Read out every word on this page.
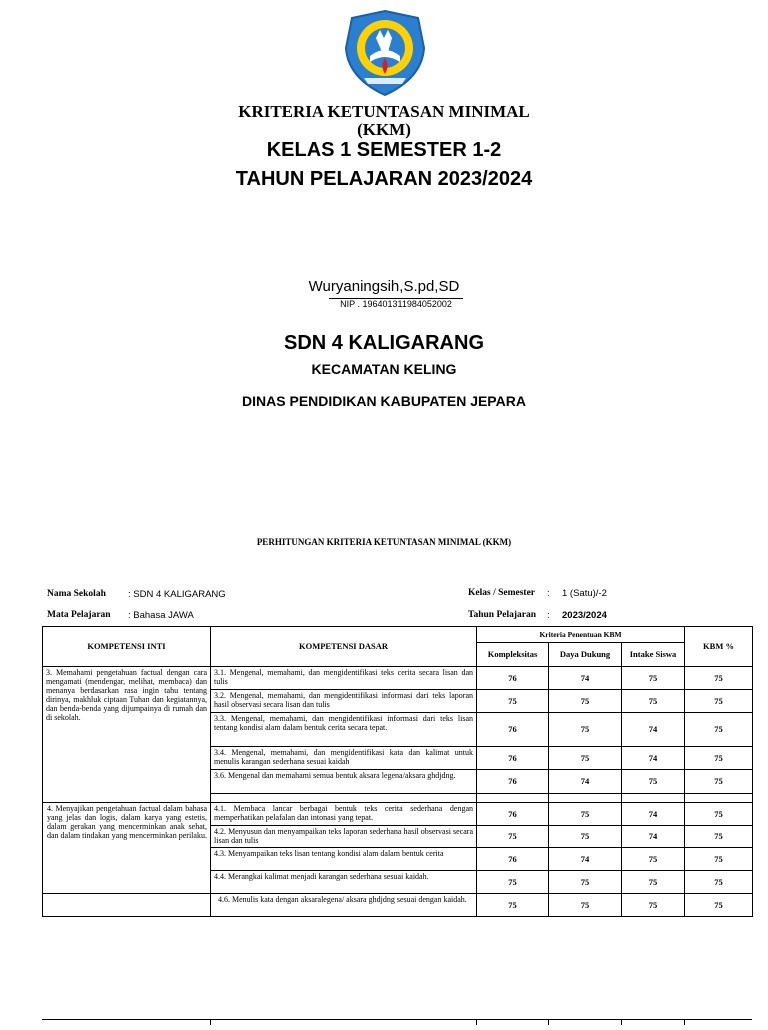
KRITERIA KETUNTASAN MINIMAL
(KKM)
KELAS 1 SEMESTER 1-2
TAHUN PELAJARAN 2023/2024
Wuryaningsih,S.pd,SD
NIP . 196401311984052002
SDN 4 KALIGARANG
KECAMATAN KELING
DINAS PENDIDIKAN KABUPATEN JEPARA
PERHITUNGAN KRITERIA KETUNTASAN MINIMAL (KKM)
Nama Sekolah : SDN 4 KALIGARANG
Mata Pelajaran : Bahasa JAWA
Kelas / Semester : 1 (Satu)/-2
Tahun Pelajaran : 2023/2024
KOMPETENSI INTI	KOMPETENSI DASAR	Kriteria Penentuan KBM			KBM %
		Kompleksitas	Daya Dukung	Intake Siswa	
3. Memahami pengetahuan factual dengan cara mengamati (mendengar, melihat, membaca) dan menanya berdasarkan rasa ingin tahu tentang dirinya, makhluk ciptaan Tuhan dan kegiatannya, dan benda-benda yang dijumpainya di rumah dan di sekolah.	3.1. Mengenal, memahami, dan mengidentifikasi teks cerita secara lisan dan tulis	76	74	75	75
	3.2. Mengenal, memahami, dan mengidentifikasi informasi dari teks laporan hasil observasi secara lisan dan tulis	75	75	75	75
	3.3. Mengenal, memahami, dan mengidentifikasi informasi dari teks lisan tentang kondisi alam dalam bentuk cerita secara tepat.	76	75	74	75
	3.4. Mengenal, memahami, dan mengidentifikasi kata dan kalimat untuk menulis karangan sederhana sesuai kaidah	76	75	74	75
	3.6. Mengenal dan memahami semua bentuk aksara legena/aksara ghdjdng.	76	74	75	75

4. Menyajikan pengetahuan factual dalam bahasa yang jelas dan logis, dalam karya yang estetis, dalam gerakan yang mencerminkan anak sehat, dan dalam tindakan yang mencerminkan perilaku.	4.1. Membaca lancar berbagai bentuk teks cerita sederhana dengan memperhatikan pelafalan dan intonasi yang tepat.	76	75	74	75
	4.2. Menyusun dan menyampaikan teks laporan sederhana hasil observasi secara lisan dan tulis	75	75	74	75
	4.3. Menyampaikan teks lisan tentang kondisi alam dalam bentuk cerita	76	74	75	75
	4.4. Merangkai kalimat menjadi karangan sederhana sesuai kaidah.	75	75	75	75
	4.6. Menulis kata dengan aksaralegena/ aksara ghdjdng sesuai dengan kaidah.	75	75	75	75
